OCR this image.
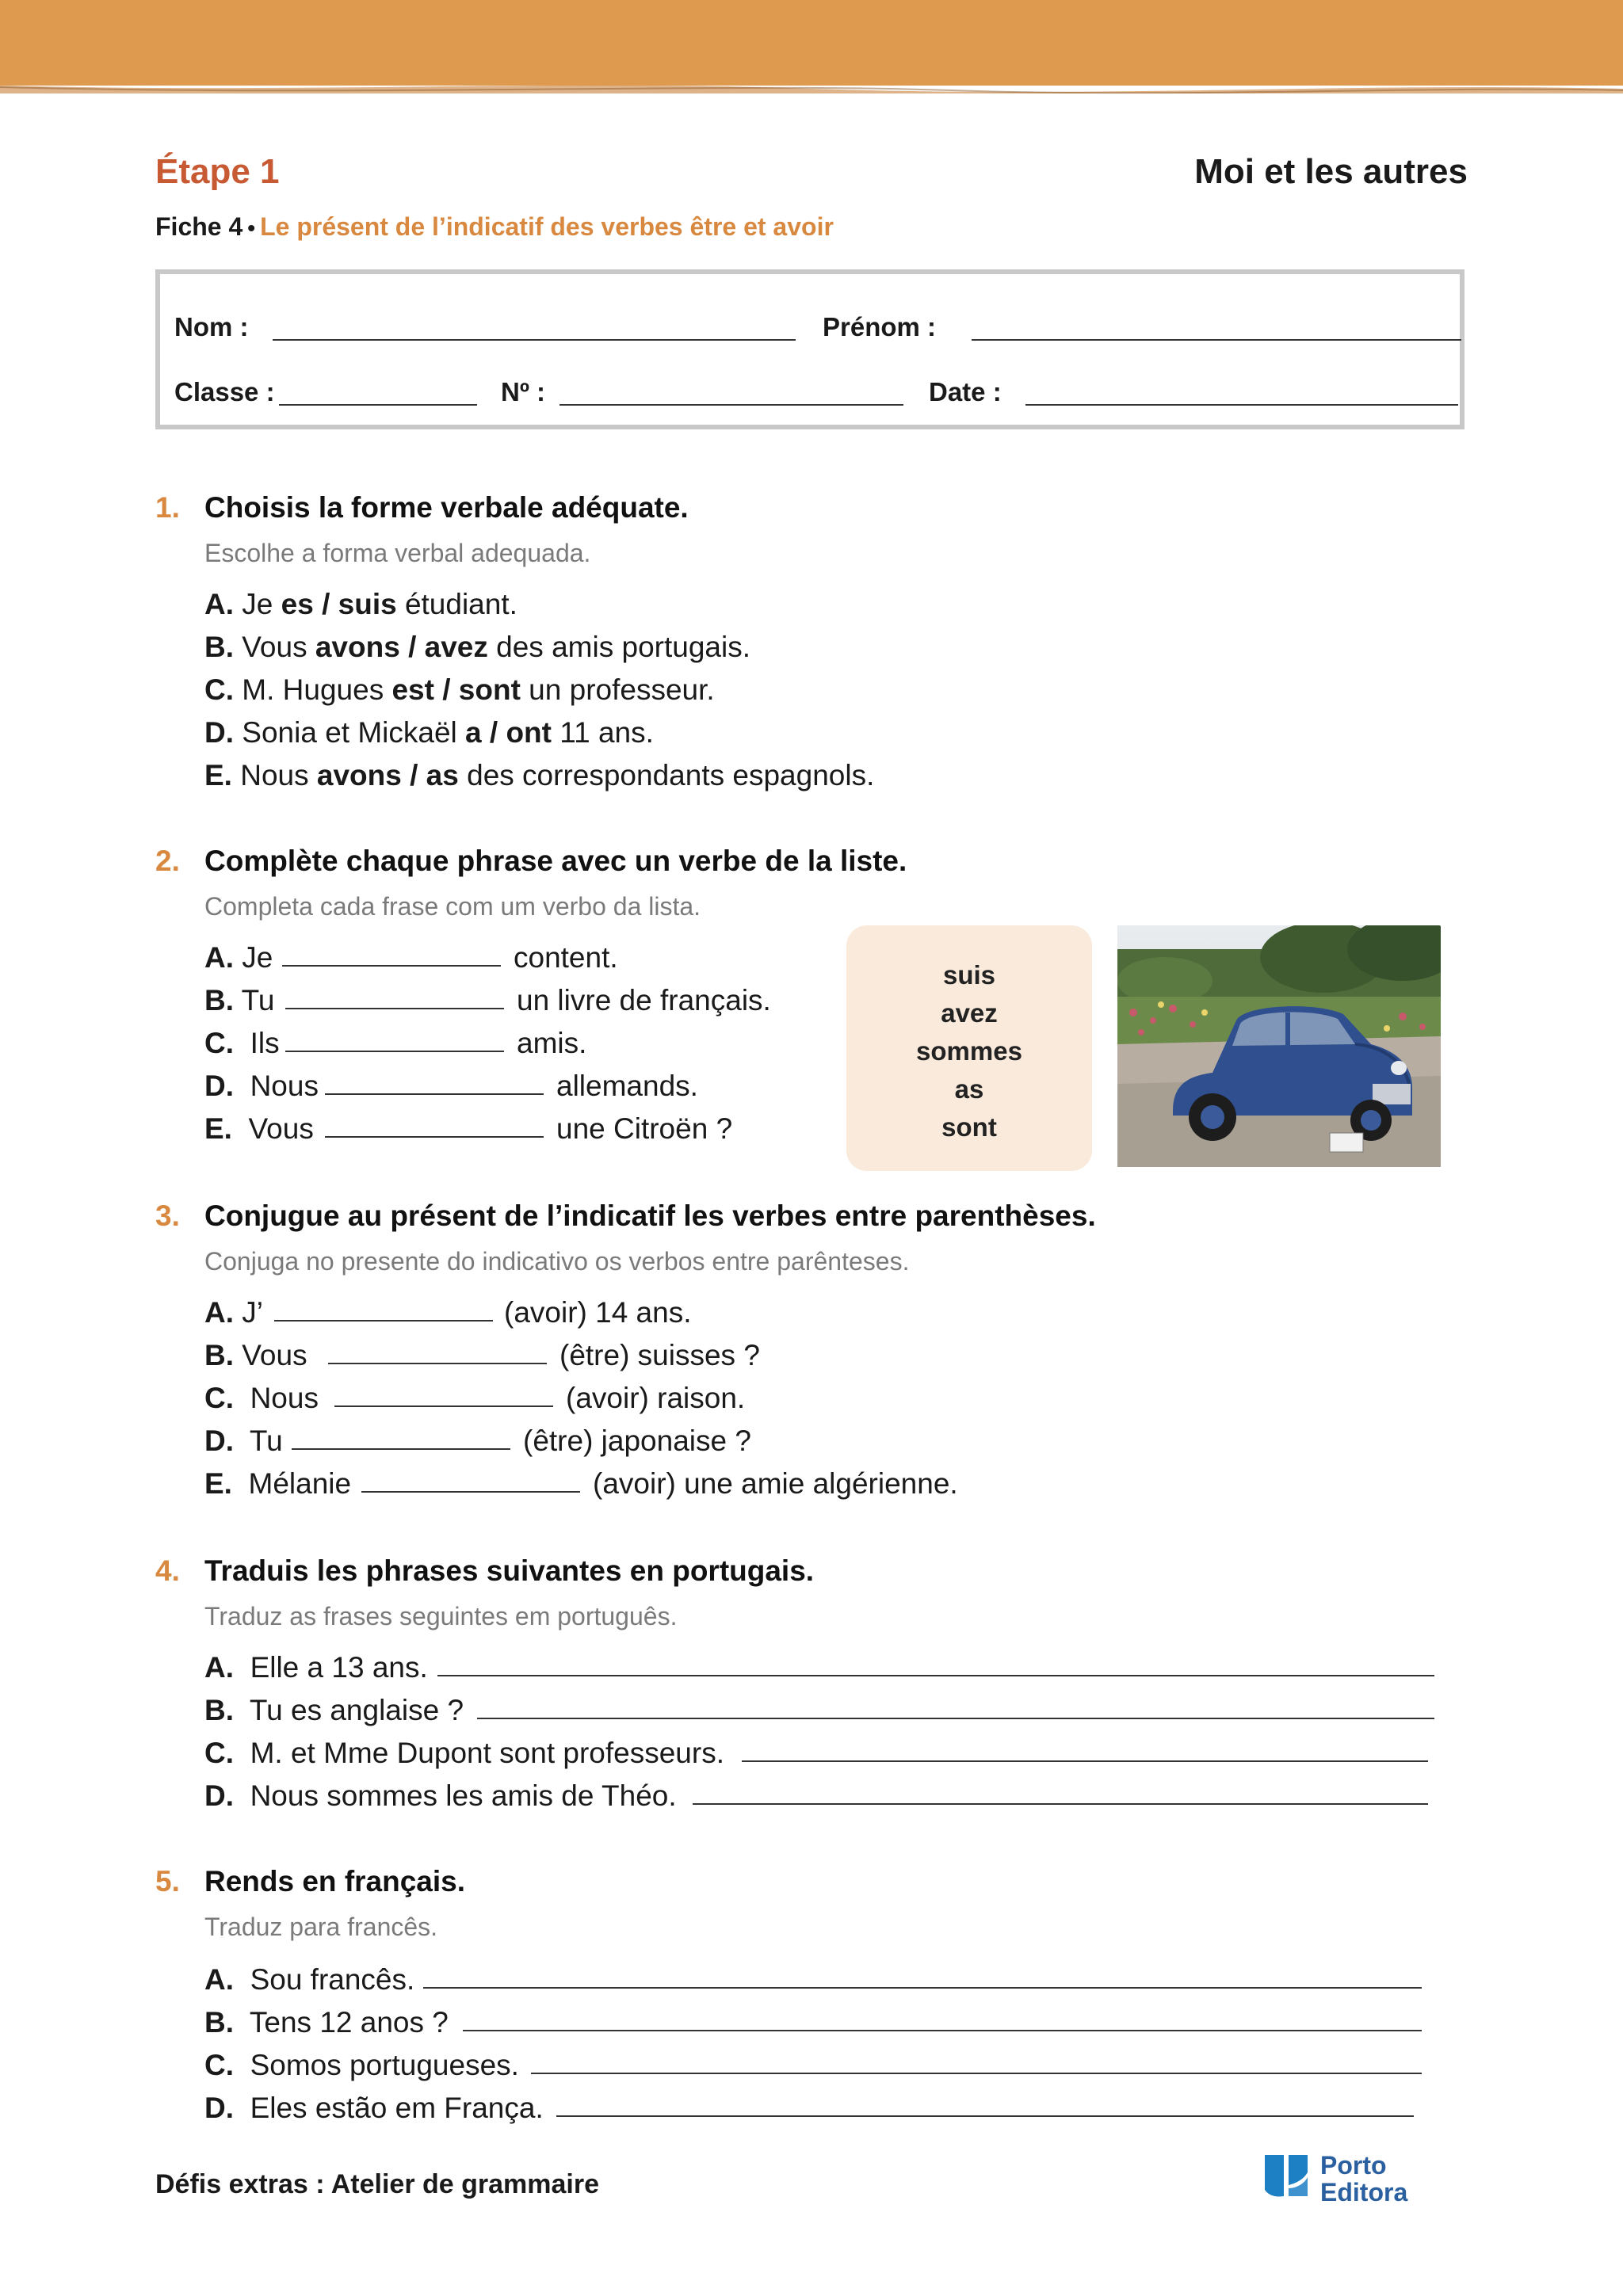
Étape 1	Moi et les autres
Fiche 4 • Le présent de l’indicatif des verbes être et avoir
Nom :	Prénom :
Classe :	Nº :	Date :
1. Choisis la forme verbale adéquate.
Escolhe a forma verbal adequada.
A. Je es / suis étudiant.
B. Vous avons / avez des amis portugais.
C. M. Hugues est / sont un professeur.
D. Sonia et Mickaël a / ont 11 ans.
E. Nous avons / as des correspondants espagnols.
2. Complète chaque phrase avec un verbe de la liste.
Completa cada frase com um verbo da lista.
A. Je	content.
B. Tu	un livre de français.
C. Ils	amis.
D. Nous	allemands.
E. Vous	une Citroën ?
suis
avez
sommes
as
sont
3. Conjugue au présent de l’indicatif les verbes entre parenthèses.
Conjuga no presente do indicativo os verbos entre parênteses.
A. J’	(avoir) 14 ans.
B. Vous	(être) suisses ?
C. Nous	(avoir) raison.
D. Tu	(être) japonaise ?
E. Mélanie	(avoir) une amie algérienne.
4. Traduis les phrases suivantes en portugais.
Traduz as frases seguintes em português.
A. Elle a 13 ans.
B. Tu es anglaise ?
C. M. et Mme Dupont sont professeurs.
D. Nous sommes les amis de Théo.
5. Rends en français.
Traduz para francês.
A. Sou francês.
B. Tens 12 anos ?
C. Somos portugueses.
D. Eles estão em França.
Défis extras : Atelier de grammaire
Porto
Editora
